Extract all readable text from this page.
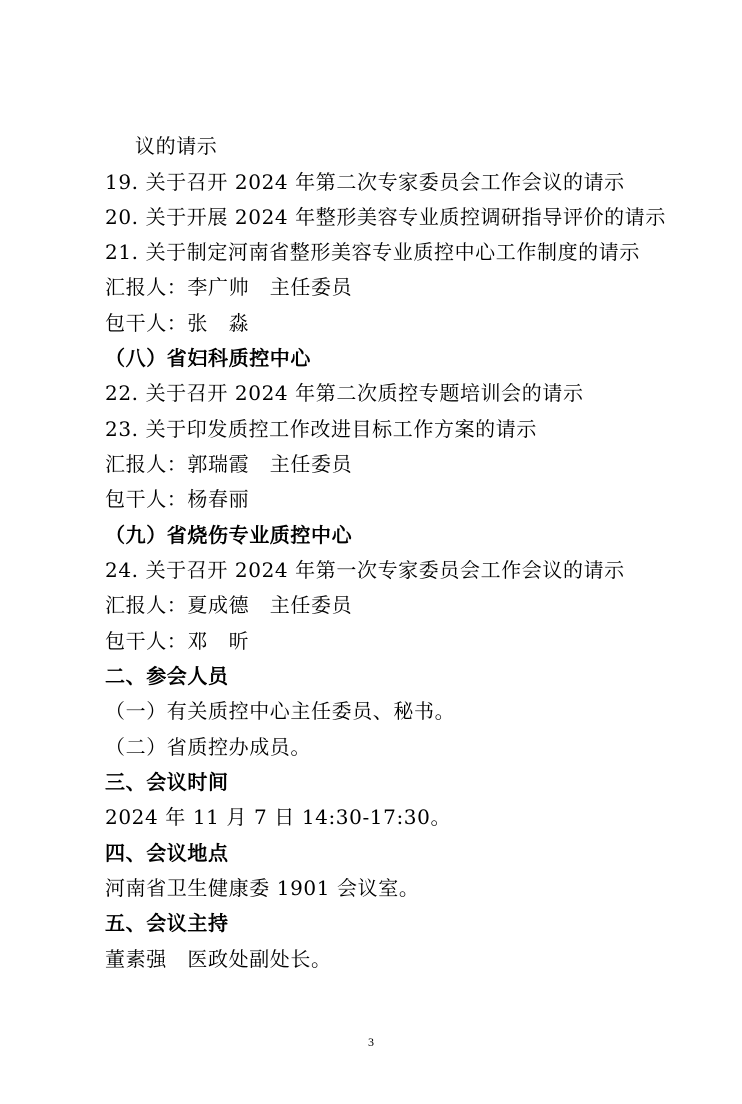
议的请示
19. 关于召开 2024 年第二次专家委员会工作会议的请示
20. 关于开展 2024 年整形美容专业质控调研指导评价的请示
21. 关于制定河南省整形美容专业质控中心工作制度的请示
汇报人：李广帅　主任委员
包干人：张　淼
（八）省妇科质控中心
22. 关于召开 2024 年第二次质控专题培训会的请示
23. 关于印发质控工作改进目标工作方案的请示
汇报人：郭瑞霞　主任委员
包干人：杨春丽
（九）省烧伤专业质控中心
24. 关于召开 2024 年第一次专家委员会工作会议的请示
汇报人：夏成德　主任委员
包干人：邓　昕
二、参会人员
（一）有关质控中心主任委员、秘书。
（二）省质控办成员。
三、会议时间
2024 年 11 月 7 日 14:30-17:30。
四、会议地点
河南省卫生健康委 1901 会议室。
五、会议主持
董素强　医政处副处长。
3
